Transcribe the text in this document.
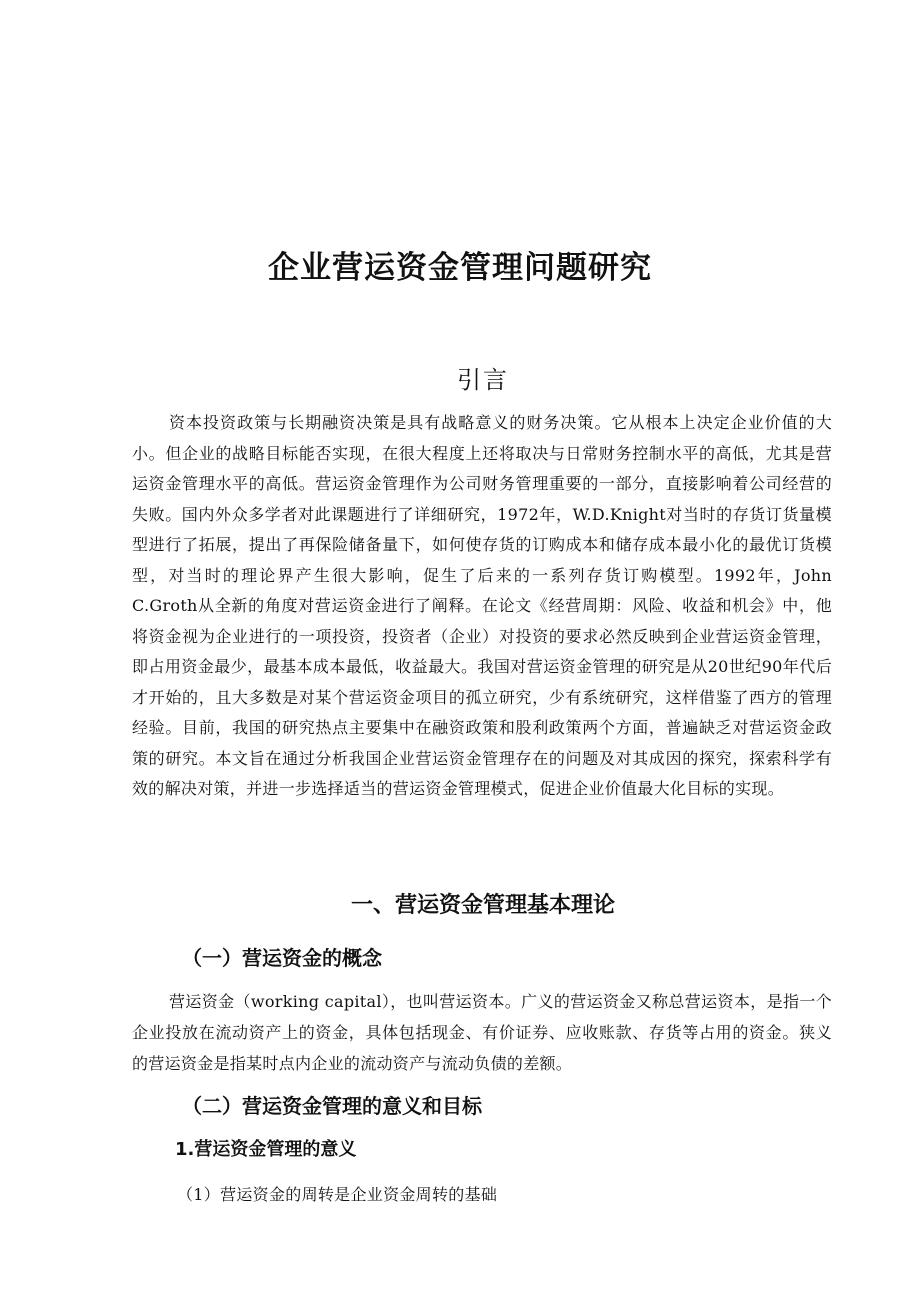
企业营运资金管理问题研究
引言

资本投资政策与长期融资决策是具有战略意义的财务决策。它从根本上决定企业价值的大小。但企业的战略目标能否实现，在很大程度上还将取决与日常财务控制水平的高低，尤其是营运资金管理水平的高低。营运资金管理作为公司财务管理重要的一部分，直接影响着公司经营的失败。国内外众多学者对此课题进行了详细研究，1972年，W.D.Knight对当时的存货订货量模型进行了拓展，提出了再保险储备量下，如何使存货的订购成本和储存成本最小化的最优订货模型，对当时的理论界产生很大影响，促生了后来的一系列存货订购模型。1992年，John C.Groth从全新的角度对营运资金进行了阐释。在论文《经营周期：风险、收益和机会》中，他将资金视为企业进行的一项投资，投资者（企业）对投资的要求必然反映到企业营运资金管理，即占用资金最少，最基本成本最低，收益最大。我国对营运资金管理的研究是从20世纪90年代后才开始的，且大多数是对某个营运资金项目的孤立研究，少有系统研究，这样借鉴了西方的管理经验。目前，我国的研究热点主要集中在融资政策和股利政策两个方面，普遍缺乏对营运资金政策的研究。本文旨在通过分析我国企业营运资金管理存在的问题及对其成因的探究，探索科学有效的解决对策，并进一步选择适当的营运资金管理模式，促进企业价值最大化目标的实现。

一、营运资金管理基本理论
（一）营运资金的概念

营运资金（working capital），也叫营运资本。广义的营运资金又称总营运资本，是指一个企业投放在流动资产上的资金，具体包括现金、有价证券、应收账款、存货等占用的资金。狭义的营运资金是指某时点内企业的流动资产与流动负债的差额。

（二）营运资金管理的意义和目标
1.营运资金管理的意义
（1）营运资金的周转是企业资金周转的基础
